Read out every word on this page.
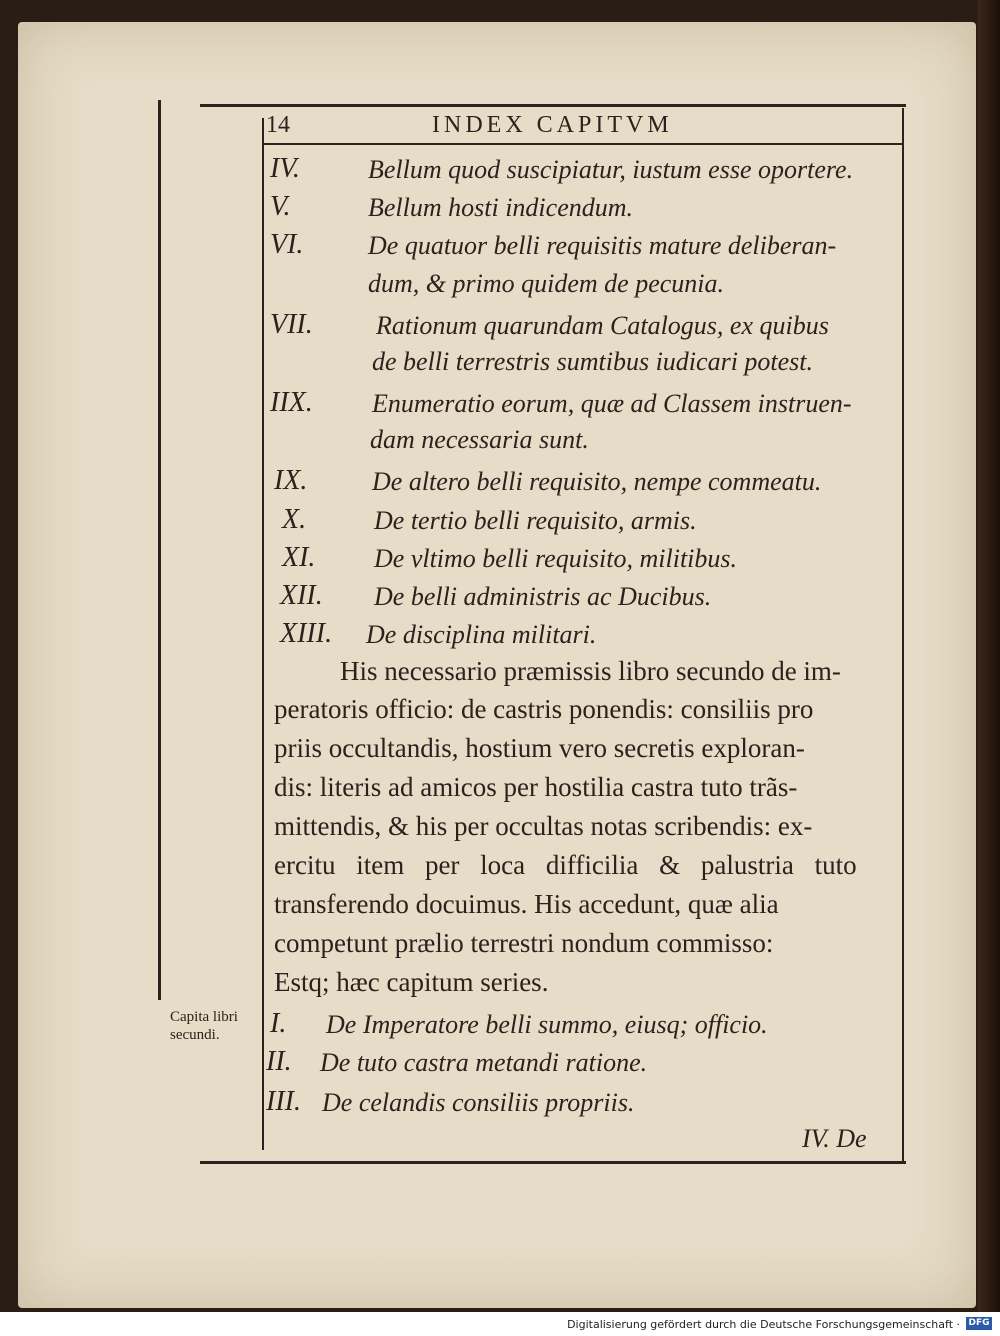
14	INDEX CAPITVM
IV.	Bellum quod suscipiatur, iustum esse oportere.
V.	Bellum hosti indicendum.
VI. De quatuor belli requisitis mature deliberan-
dum, & primo quidem de pecunia.
VII. Rationum quarundam Catalogus, ex quibus
de belli terrestris sumtibus iudicari potest.
IIX. Enumeratio eorum, quæ ad Classem instruen-
dam necessaria sunt.
IX. De altero belli requisito, nempe commeatu.
X.	De tertio belli requisito, armis.
XI. De vltimo belli requisito, militibus.
XII. De belli administris ac Ducibus.
XIII. De disciplina militari.
His necessario præmissis libro secundo de im-
peratoris officio: de castris ponendis: consiliis pro
priis occultandis, hostium vero secretis exploran-
dis: literis ad amicos per hostilia castra tuto trãs-
mittendis, & his per occultas notas scribendis: ex-
ercitu item per loca difficilia & palustria tuto
transferendo docuimus. His accedunt, quæ alia
competunt prælio terrestri nondum commisso:
Estq; hæc capitum series.
Capita libri
secundi. I. De Imperatore belli summo, eiusq; officio.
II. De tuto castra metandi ratione.
III. De celandis consiliis propriis.
IV. De
Digitalisierung gefördert durch die Deutsche Forschungsgemeinschaft · DFG
